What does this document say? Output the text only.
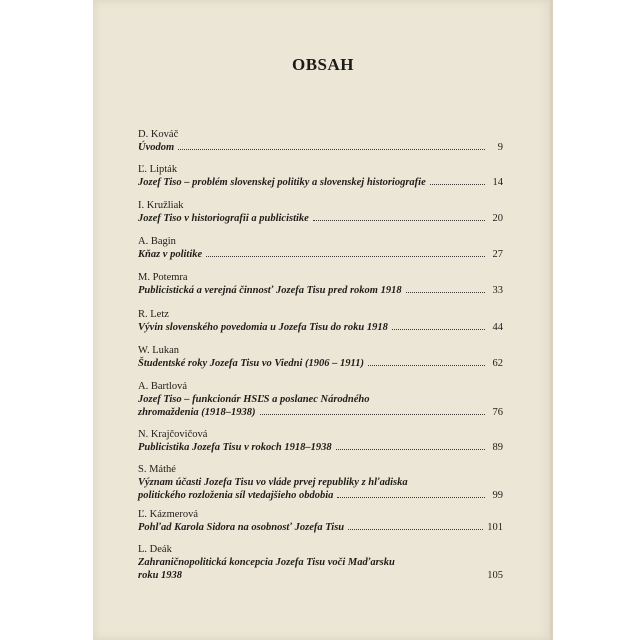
OBSAH
D. Kováč
Úvodom	9
Ľ. Lipták
Jozef Tiso – problém slovenskej politiky a slovenskej historiografie	14
I. Kružliak
Jozef Tiso v historiografii a publicistike	20
A. Bagin
Kňaz v politike	27
M. Potemra
Publicistická a verejná činnosť Jozefa Tisu pred rokom 1918	33
R. Letz
Vývin slovenského povedomia u Jozefa Tisu do roku 1918	44
W. Lukan
Študentské roky Jozefa Tisu vo Viedni (1906 – 1911)	62
A. Bartlová
Jozef Tiso – funkcionár HSĽS a poslanec Národného
zhromaždenia (1918–1938)	76
N. Krajčovičová
Publicistika Jozefa Tisu v rokoch 1918–1938	89
S. Máthé
Význam účasti Jozefa Tisu vo vláde prvej republiky z hľadiska
politického rozloženia síl vtedajšieho obdobia	99
Ľ. Kázmerová
Pohľad Karola Sidora na osobnosť Jozefa Tisu	101
L. Deák
Zahraničnopolitická koncepcia Jozefa Tisu voči Maďarsku
roku 1938	105
